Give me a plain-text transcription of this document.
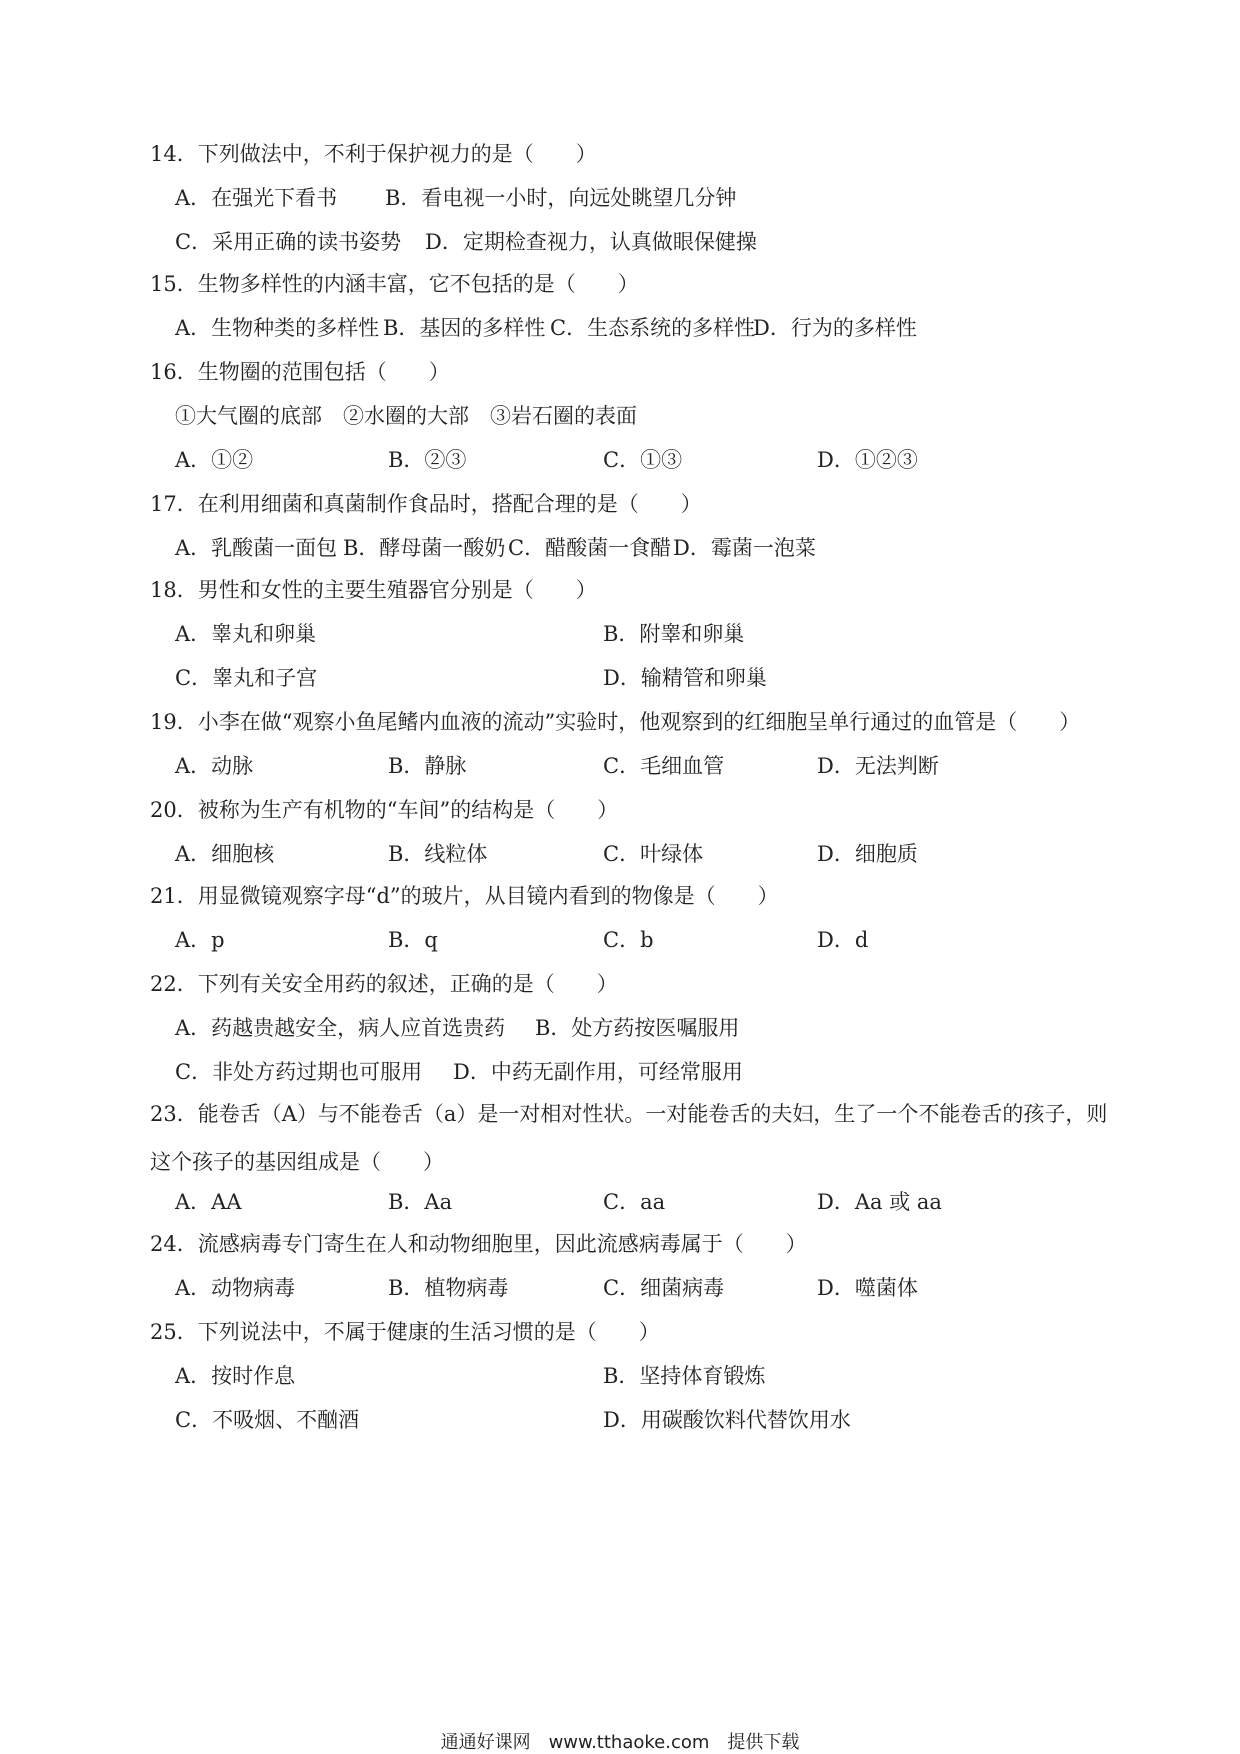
14．下列做法中，不利于保护视力的是（　　）
A．在强光下看书 B．看电视一小时，向远处眺望几分钟
C．采用正确的读书姿势 D．定期检查视力，认真做眼保健操
15．生物多样性的内涵丰富，它不包括的是（　　）
A．生物种类的多样性 B．基因的多样性 C．生态系统的多样性
D．行为的多样性
16．生物圈的范围包括（　　）
①大气圈的底部　②水圈的大部　③岩石圈的表面
A．①②	B．②③	C．①③	D．①②③
17．在利用细菌和真菌制作食品时，搭配合理的是（　　）
A．乳酸菌一面包 B．酵母菌一酸奶 C．醋酸菌一食醋 D．霉菌一泡菜
18．男性和女性的主要生殖器官分别是（　　）
A．睾丸和卵巢	B．附睾和卵巢
C．睾丸和子宫	D．输精管和卵巢
19．小李在做“观察小鱼尾鳍内血液的流动”实验时，他观察到的红细胞呈单行通过的血管是（　　）
A．动脉	B．静脉	C．毛细血管	D．无法判断
20．被称为生产有机物的“车间”的结构是（　　）
A．细胞核	B．线粒体	C．叶绿体	D．细胞质
21．用显微镜观察字母“d”的玻片，从目镜内看到的物像是（　　）
A．p	B．q	C．b	D．d
22．下列有关安全用药的叙述，正确的是（　　）
A．药越贵越安全，病人应首选贵药 B．处方药按医嘱服用
C．非处方药过期也可服用 D．中药无副作用，可经常服用
23．能卷舌（A）与不能卷舌（a）是一对相对性状。一对能卷舌的夫妇，生了一个不能卷舌的孩子，则这个孩子的基因组成是（　　）
A．AA	B．Aa	C．aa	D．Aa 或 aa
24．流感病毒专门寄生在人和动物细胞里，因此流感病毒属于（　　）
A．动物病毒	B．植物病毒	C．细菌病毒	D．噬菌体
25．下列说法中，不属于健康的生活习惯的是（　　）
A．按时作息	B．坚持体育锻炼
C．不吸烟、不酗酒	D．用碳酸饮料代替饮用水
通通好课网　www.tthaoke.com　提供下载
